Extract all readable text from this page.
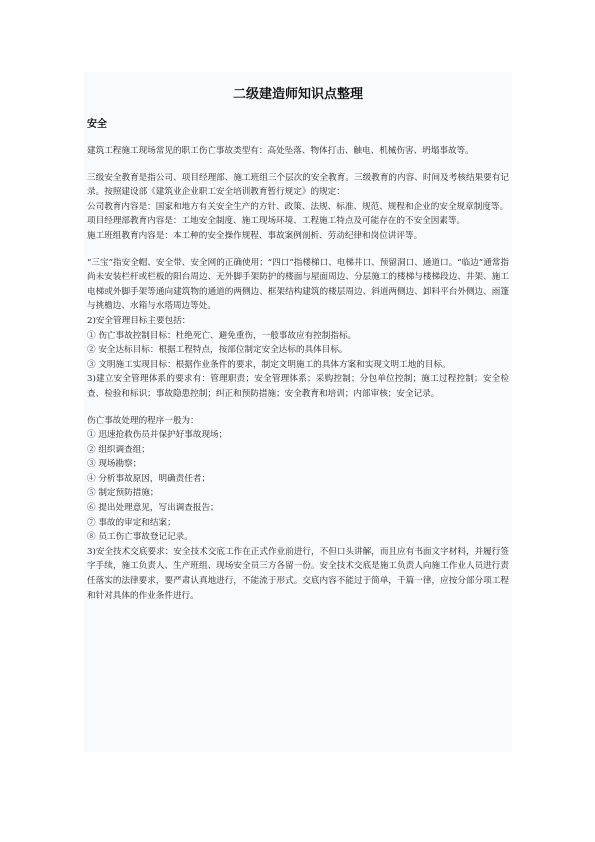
二级建造师知识点整理
安全

建筑工程施工现场常见的职工伤亡事故类型有：高处坠落、物体打击、触电、机械伤害、坍塌事故等。

三级安全教育是指公司、项目经理部、施工班组三个层次的安全教育。三级教育的内容、时间及考核结果要有记录。按照建设部《建筑业企业职工安全培训教育暂行规定》的规定：

公司教育内容是：国家和地方有关安全生产的方针、政策、法规、标准、规范、规程和企业的安全规章制度等。

项目经理部教育内容是：工地安全制度、施工现场环境、工程施工特点及可能存在的不安全因素等。

施工班组教育内容是：本工种的安全操作规程、事故案例剖析、劳动纪律和岗位讲评等。

“三宝”指安全帽、安全带、安全网的正确使用；“四口”指楼梯口、电梯井口、预留洞口、通道口。“临边”通常指尚未安装栏杆或栏板的阳台周边、无外脚手架防护的楼面与屋面周边、分层施工的楼梯与楼梯段边、井架、施工电梯或外脚手架等通向建筑物的通道的两侧边、框架结构建筑的楼层周边、斜道两侧边、卸料平台外侧边、雨篷与挑檐边、水箱与水塔周边等处。

2)安全管理目标主要包括：

① 伤亡事故控制目标：杜绝死亡、避免重伤，一般事故应有控制指标。

② 安全达标目标：根据工程特点，按部位制定安全达标的具体目标。

③ 文明施工实现目标：根据作业条件的要求，制定文明施工的具体方案和实现文明工地的目标。

3)建立安全管理体系的要求有：管理职责；安全管理体系；采购控制；分包单位控制；施工过程控制；安全检查、检验和标识；事故隐患控制；纠正和预防措施；安全教育和培训；内部审核；安全记录。

伤亡事故处理的程序一般为：

① 迅速抢救伤员并保护好事故现场；

② 组织调查组；

③ 现场勘察；

④ 分析事故原因，明确责任者；

⑤ 制定预防措施；

⑥ 提出处理意见，写出调查报告；

⑦ 事故的审定和结案；

⑧ 员工伤亡事故登记记录。

3)安全技术交底要求：安全技术交底工作在正式作业前进行，不但口头讲解，而且应有书面文字材料，并履行签字手续，施工负责人、生产班组、现场安全员三方各留一份。安全技术交底是施工负责人向施工作业人员进行责任落实的法律要求，要严肃认真地进行，不能流于形式。交底内容不能过于简单，千篇一律，应按分部分项工程和针对具体的作业条件进行。
